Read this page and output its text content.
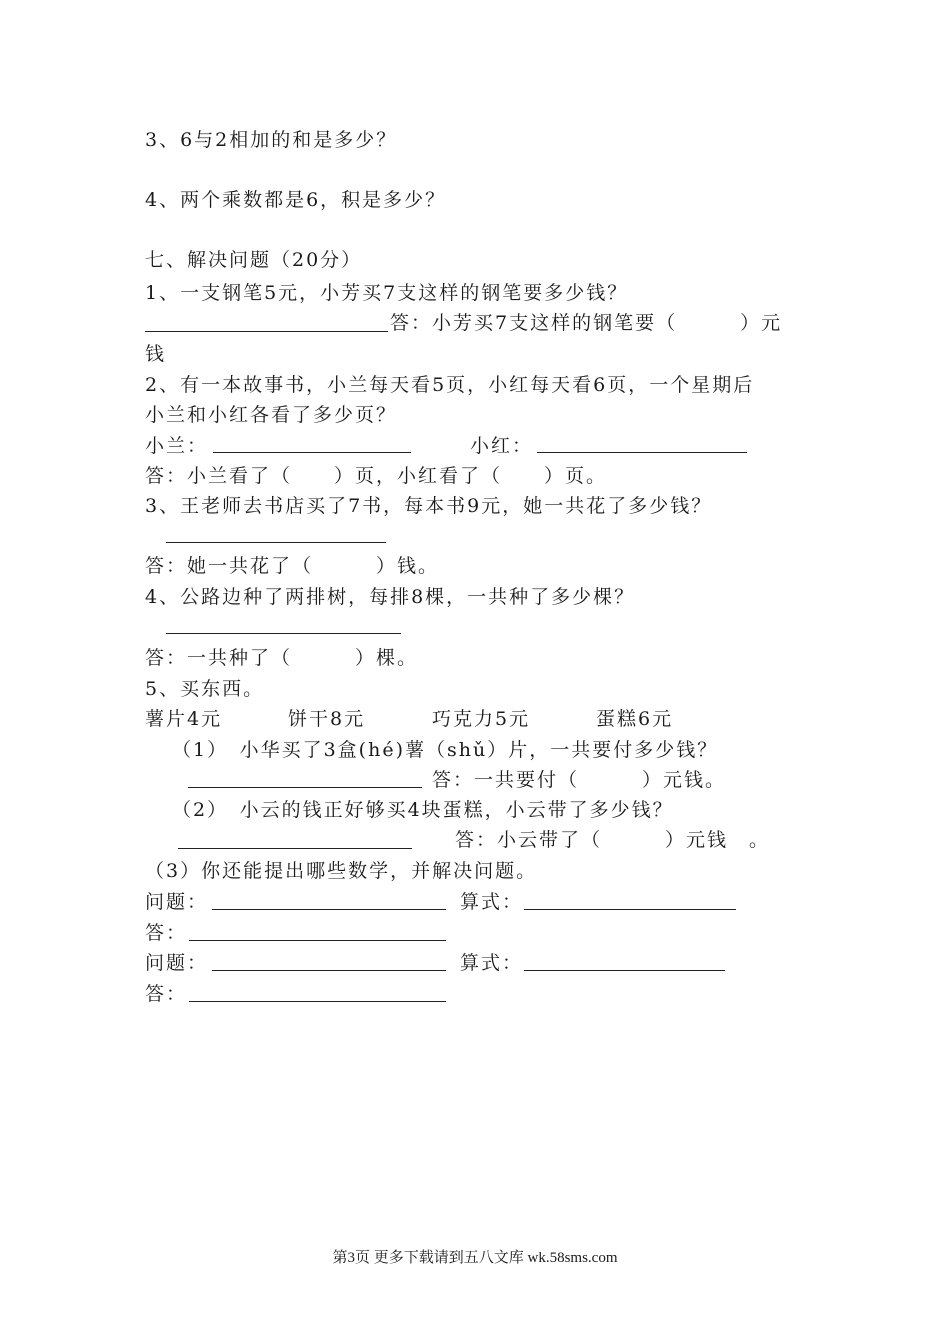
3、6与2相加的和是多少？
4、两个乘数都是6，积是多少？
七、解决问题（20分）
1、一支钢笔5元，小芳买7支这样的钢笔要多少钱？
答：小芳买7支这样的钢笔要（　　　）元
钱
2、有一本故事书，小兰每天看5页，小红每天看6页，一个星期后
小兰和小红各看了多少页？
小兰：	小红：
答：小兰看了（　　）页，小红看了（　　）页。
3、王老师去书店买了7书，每本书9元，她一共花了多少钱？
答：她一共花了（　　　）钱。
4、公路边种了两排树，每排8棵，一共种了多少棵？
答：一共种了（　　　）棵。
5、买东西。
薯片4元	饼干8元	巧克力5元	蛋糕6元
（1）　小华买了3盒(hé)薯（shǔ）片，一共要付多少钱？
答：一共要付（　　　）元钱。
（2）　小云的钱正好够买4块蛋糕，小云带了多少钱？
答：小云带了（　　　）元钱　。
（3）你还能提出哪些数学，并解决问题。
问题：	算式：
答：
问题：	算式：
答：
第3页 更多下载请到五八文库 wk.58sms.com
